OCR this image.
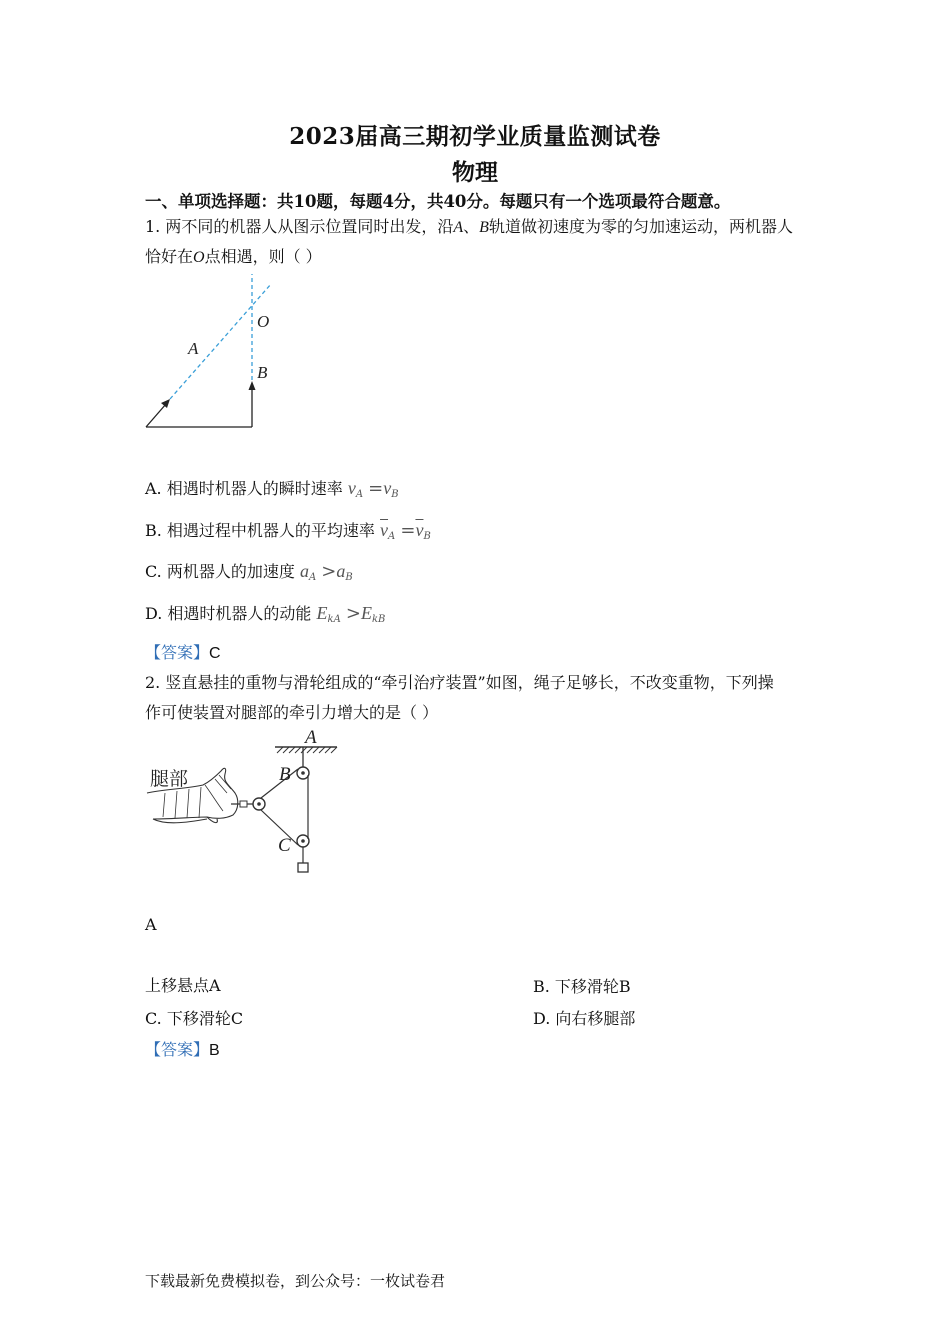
2023届高三期初学业质量监测试卷
物理
一、单项选择题：共10题，每题4分，共40分。每题只有一个选项最符合题意。
1. 两不同的机器人从图示位置同时出发，沿A、B轨道做初速度为零的匀加速运动，两机器人
恰好在O点相遇，则（ ）
A
O
B
A. 相遇时机器人的瞬时速率 $v_A =v_B$
B. 相遇过程中机器人的平均速率 $\overline{v}_A =\overline{v}_B$
C. 两机器人的加速度 $a_A >a_B$
D. 相遇时机器人的动能 $E_{kA} >E_{kB}$
【答案】C
2. 竖直悬挂的重物与滑轮组成的“牵引治疗装置”如图，绳子足够长，不改变重物，下列操
作可使装置对腿部的牵引力增大的是（ ）
腿部
A
B
C
A
上移悬点A	B. 下移滑轮B
C. 下移滑轮C	D. 向右移腿部
【答案】B
下载最新免费模拟卷，到公众号：一枚试卷君
